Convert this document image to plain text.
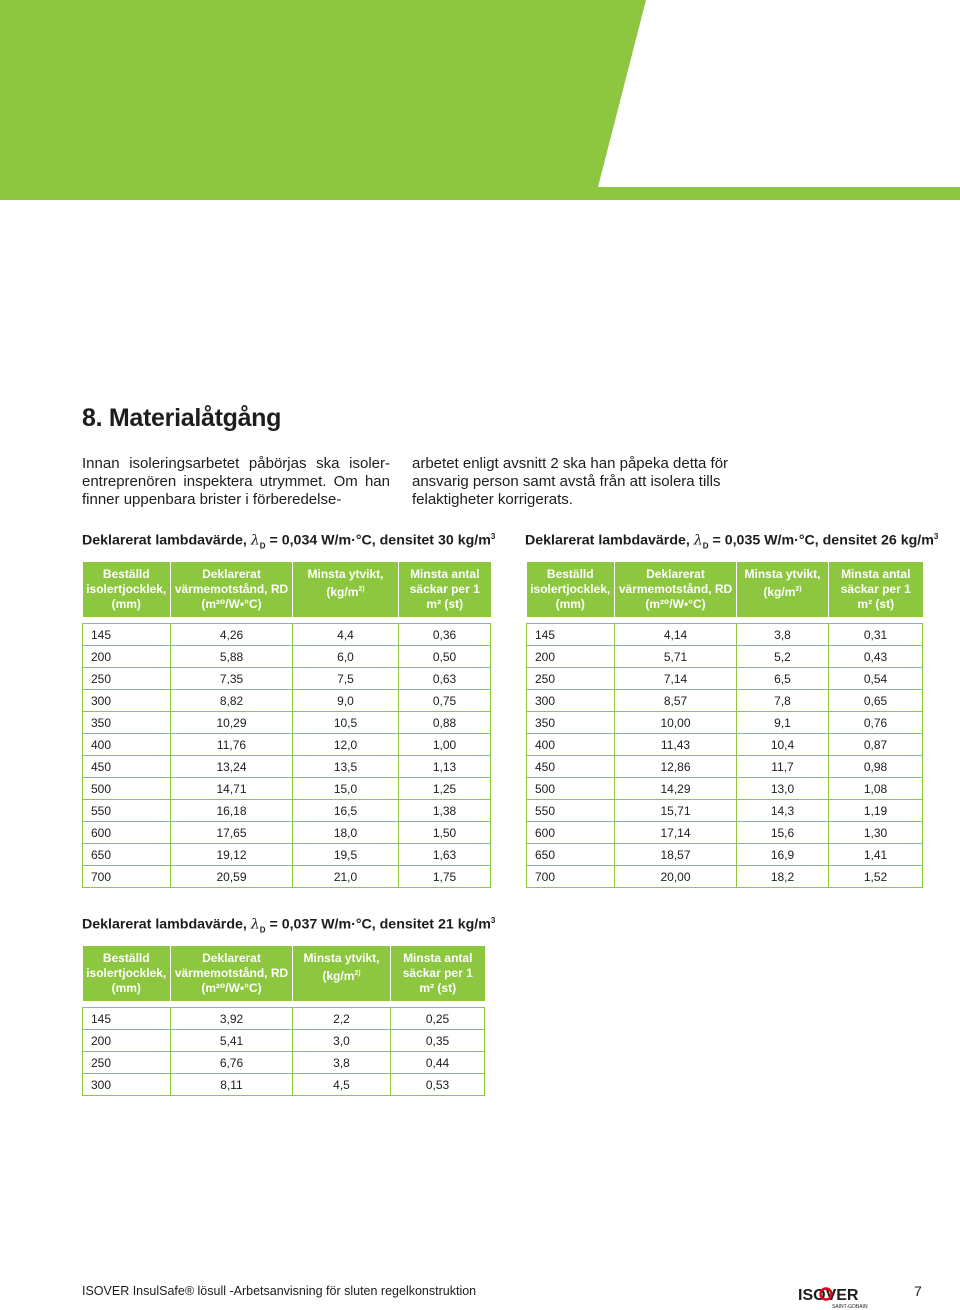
8. Materialåtgång

Innan isoleringsarbetet påbörjas ska isoler-entreprenören inspektera utrymmet. Om han finner uppenbara brister i förberedelse-

arbetet enligt avsnitt 2 ska han påpeka detta för ansvarig person samt avstå från att isolera tills felaktigheter korrigerats.

Deklarerat lambdavärde, $\lambda_D = 0,034$ W/m·°C, densitet 30 $kg/m^3$
Beställd isolertjocklek, (mm)	Deklarerat värmemotstånd, RD (m²⁰/W•°C)	Minsta ytvikt, ($kg/m^{2)}$	Minsta antal säckar per 1 m² (st)

145	4,26	4,4	0,36
200	5,88	6,0	0,50
250	7,35	7,5	0,63
300	8,82	9,0	0,75
350	10,29	10,5	0,88
400	11,76	12,0	1,00
450	13,24	13,5	1,13
500	14,71	15,0	1,25
550	16,18	16,5	1,38
600	17,65	18,0	1,50
650	19,12	19,5	1,63
700	20,59	21,0	1,75
Deklarerat lambdavärde, $\lambda_D = 0,035$ W/m·°C, densitet 26 $kg/m^3$
Beställd isolertjocklek, (mm)	Deklarerat värmemotstånd, RD (m²⁰/W•°C)	Minsta ytvikt, ($kg/m^{2)}$	Minsta antal säckar per 1 m² (st)

145	4,14	3,8	0,31
200	5,71	5,2	0,43
250	7,14	6,5	0,54
300	8,57	7,8	0,65
350	10,00	9,1	0,76
400	11,43	10,4	0,87
450	12,86	11,7	0,98
500	14,29	13,0	1,08
550	15,71	14,3	1,19
600	17,14	15,6	1,30
650	18,57	16,9	1,41
700	20,00	18,2	1,52
Deklarerat lambdavärde, $\lambda_D = 0,037$ W/m·°C, densitet 21 $kg/m^3$
Beställd isolertjocklek, (mm)	Deklarerat värmemotstånd, RD (m²⁰/W•°C)	Minsta ytvikt, ($kg/m^{2)}$	Minsta antal säckar per 1 m² (st)

145	3,92	2,2	0,25
200	5,41	3,0	0,35
250	6,76	3,8	0,44
300	8,11	4,5	0,53
ISOVER InsulSafe® lösull -Arbetsanvisning för sluten regelkonstruktion	ISOVER
SAINT-GOBAIN
7
